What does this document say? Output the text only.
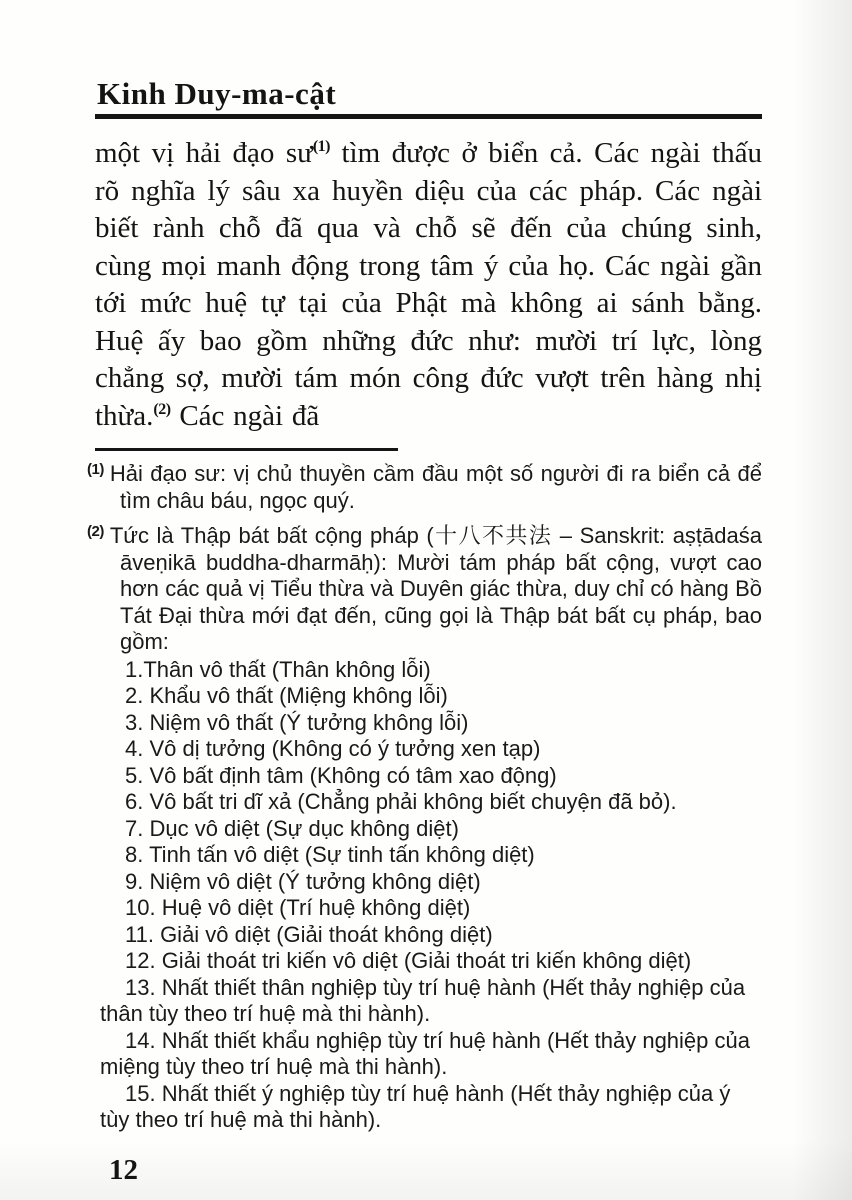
Kinh Duy-ma-cật

một vị hải đạo sư$^{(1)}$ tìm được ở biển cả. Các ngài thấu rõ nghĩa lý sâu xa huyền diệu của các pháp. Các ngài biết rành chỗ đã qua và chỗ sẽ đến của chúng sinh, cùng mọi manh động trong tâm ý của họ. Các ngài gần tới mức huệ tự tại của Phật mà không ai sánh bằng. Huệ ấy bao gồm những đức như: mười trí lực, lòng chẳng sợ, mười tám món công đức vượt trên hàng nhị thừa.$^{(2)}$ Các ngài đã

$^{(1)}$ Hải đạo sư: vị chủ thuyền cầm đầu một số người đi ra biển cả để tìm châu báu, ngọc quý.

$^{(2)}$ Tức là Thập bát bất cộng pháp (十八不共法 – Sanskrit: aṣṭādaśa āveṇikā buddha-dharmāḥ): Mười tám pháp bất cộng, vượt cao hơn các quả vị Tiểu thừa và Duyên giác thừa, duy chỉ có hàng Bồ Tát Đại thừa mới đạt đến, cũng gọi là Thập bát bất cụ pháp, bao gồm:

1.Thân vô thất (Thân không lỗi)
2. Khẩu vô thất (Miệng không lỗi)
3. Niệm vô thất (Ý tưởng không lỗi)
4. Vô dị tưởng (Không có ý tưởng xen tạp)
5. Vô bất định tâm (Không có tâm xao động)
6. Vô bất tri dĩ xả (Chẳng phải không biết chuyện đã bỏ).
7. Dục vô diệt (Sự dục không diệt)
8. Tinh tấn vô diệt (Sự tinh tấn không diệt)
9. Niệm vô diệt (Ý tưởng không diệt)
10. Huệ vô diệt (Trí huệ không diệt)
11. Giải vô diệt (Giải thoát không diệt)
12. Giải thoát tri kiến vô diệt (Giải thoát tri kiến không diệt)
13. Nhất thiết thân nghiệp tùy trí huệ hành (Hết thảy nghiệp của thân tùy theo trí huệ mà thi hành).
14. Nhất thiết khẩu nghiệp tùy trí huệ hành (Hết thảy nghiệp của miệng tùy theo trí huệ mà thi hành).
15. Nhất thiết ý nghiệp tùy trí huệ hành (Hết thảy nghiệp của ý tùy theo trí huệ mà thi hành).
12
